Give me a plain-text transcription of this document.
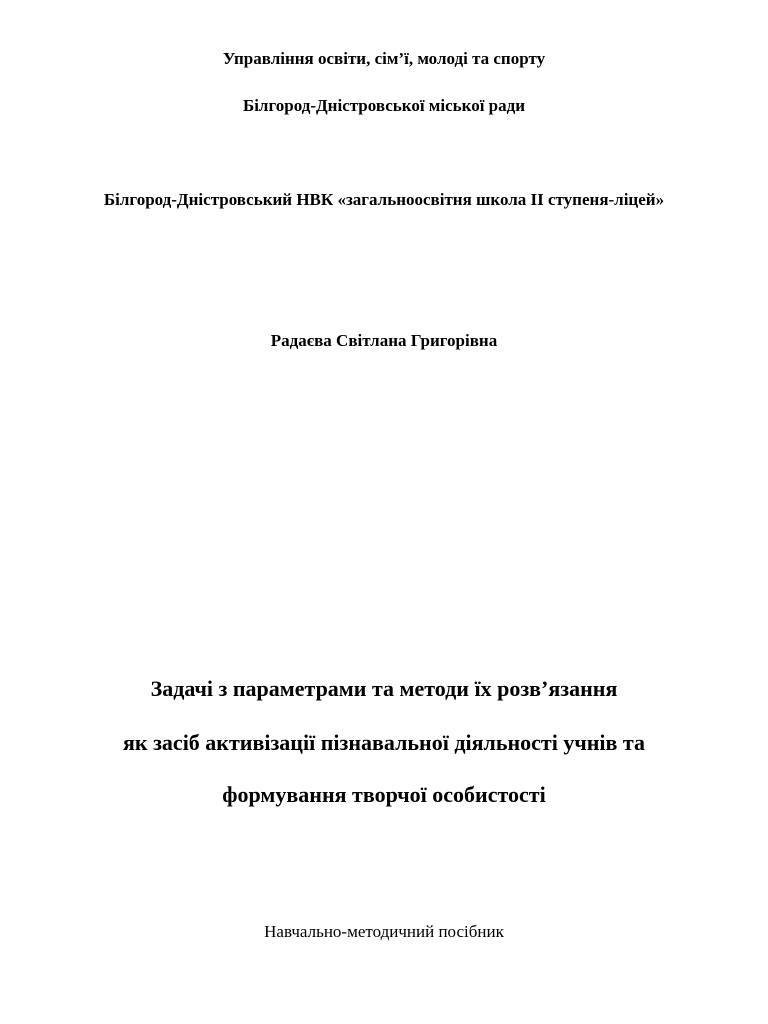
Управління освіти, сім’ї, молоді та спорту
Білгород-Дністровської міської ради
Білгород-Дністровський НВК «загальноосвітня школа ІІ ступеня-ліцей»
Радаєва Світлана Григорівна
Задачі з параметрами та методи їх розв’язання
як засіб активізації пізнавальної діяльності учнів та
формування творчої особистості
Навчально-методичний посібник
